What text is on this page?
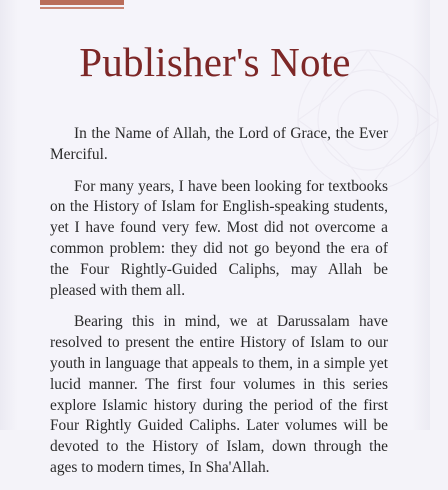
Publisher's Note

In the Name of Allah, the Lord of Grace, the Ever Merciful.

For many years, I have been looking for textbooks on the History of Islam for English-speaking students, yet I have found very few. Most did not overcome a common problem: they did not go beyond the era of the Four Rightly-Guided Caliphs, may Allah be pleased with them all.

Bearing this in mind, we at Darussalam have resolved to present the entire History of Islam to our youth in language that appeals to them, in a simple yet lucid manner. The first four volumes in this series explore Islamic history during the period of the first Four Rightly Guided Caliphs. Later volumes will be devoted to the History of Islam, down through the ages to modern times, In Sha'Allah.
